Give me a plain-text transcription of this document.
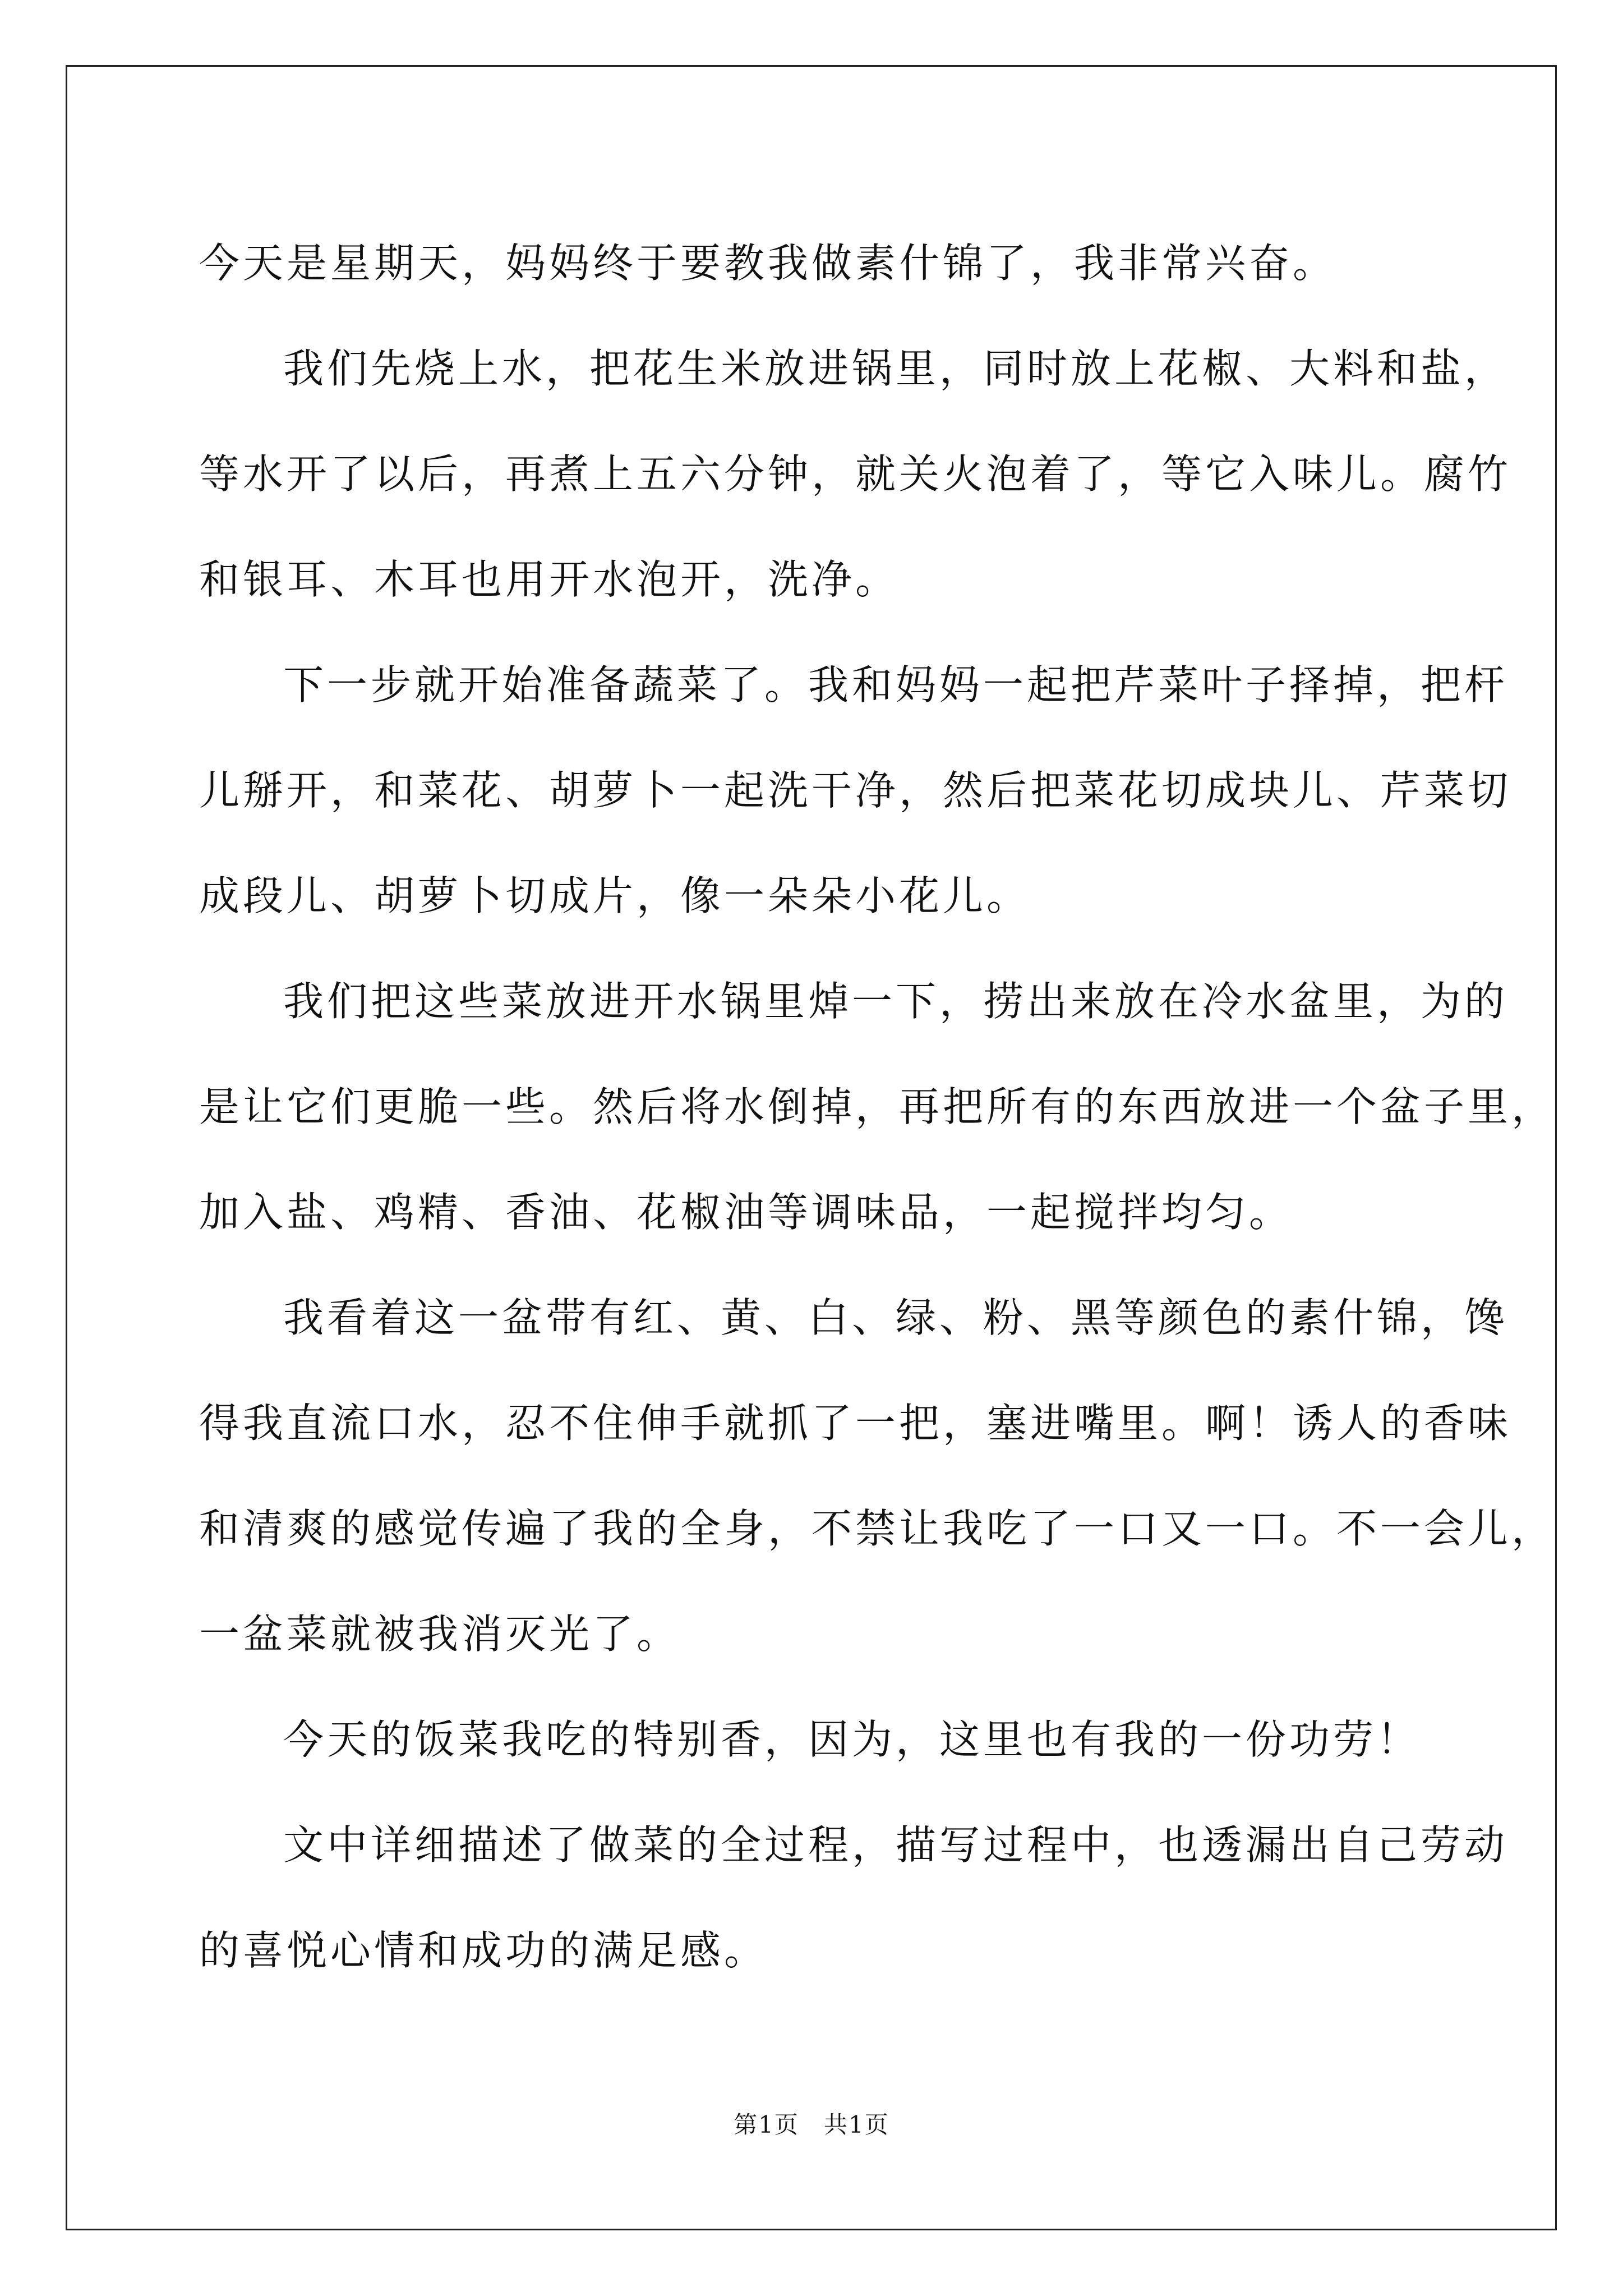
今天是星期天，妈妈终于要教我做素什锦了，我非常兴奋。
我们先烧上水，把花生米放进锅里，同时放上花椒、大料和盐，
等水开了以后，再煮上五六分钟，就关火泡着了，等它入味儿。腐竹
和银耳、木耳也用开水泡开，洗净。
下一步就开始准备蔬菜了。我和妈妈一起把芹菜叶子择掉，把杆
儿掰开，和菜花、胡萝卜一起洗干净，然后把菜花切成块儿、芹菜切
成段儿、胡萝卜切成片，像一朵朵小花儿。
我们把这些菜放进开水锅里焯一下，捞出来放在冷水盆里，为的
是让它们更脆一些。然后将水倒掉，再把所有的东西放进一个盆子里，
加入盐、鸡精、香油、花椒油等调味品，一起搅拌均匀。
我看着这一盆带有红、黄、白、绿、粉、黑等颜色的素什锦，馋
得我直流口水，忍不住伸手就抓了一把，塞进嘴里。啊！诱人的香味
和清爽的感觉传遍了我的全身，不禁让我吃了一口又一口。不一会儿，
一盆菜就被我消灭光了。
今天的饭菜我吃的特别香，因为，这里也有我的一份功劳！
文中详细描述了做菜的全过程，描写过程中，也透漏出自己劳动
的喜悦心情和成功的满足感。
第1页　共1页
